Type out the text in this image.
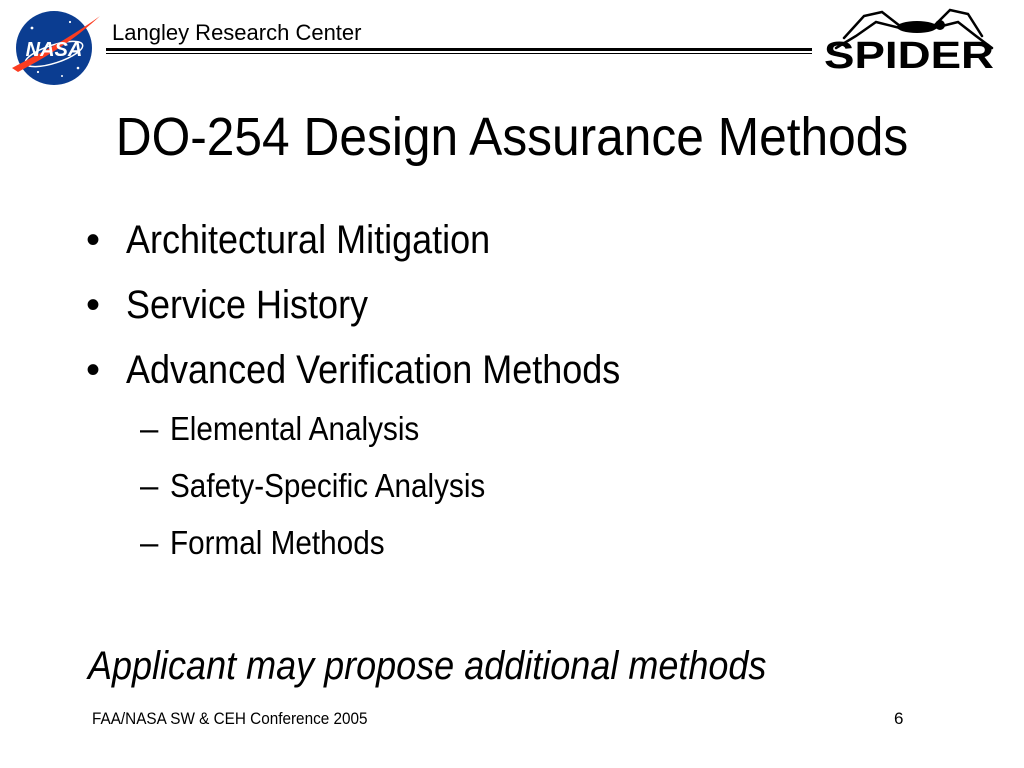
NASA
Langley Research Center
SPIDER
DO-254 Design Assurance Methods
• Architectural Mitigation
• Service History
• Advanced Verification Methods
– Elemental Analysis
– Safety-Specific Analysis
– Formal Methods
Applicant may propose additional methods
FAA/NASA SW & CEH Conference 2005	6
